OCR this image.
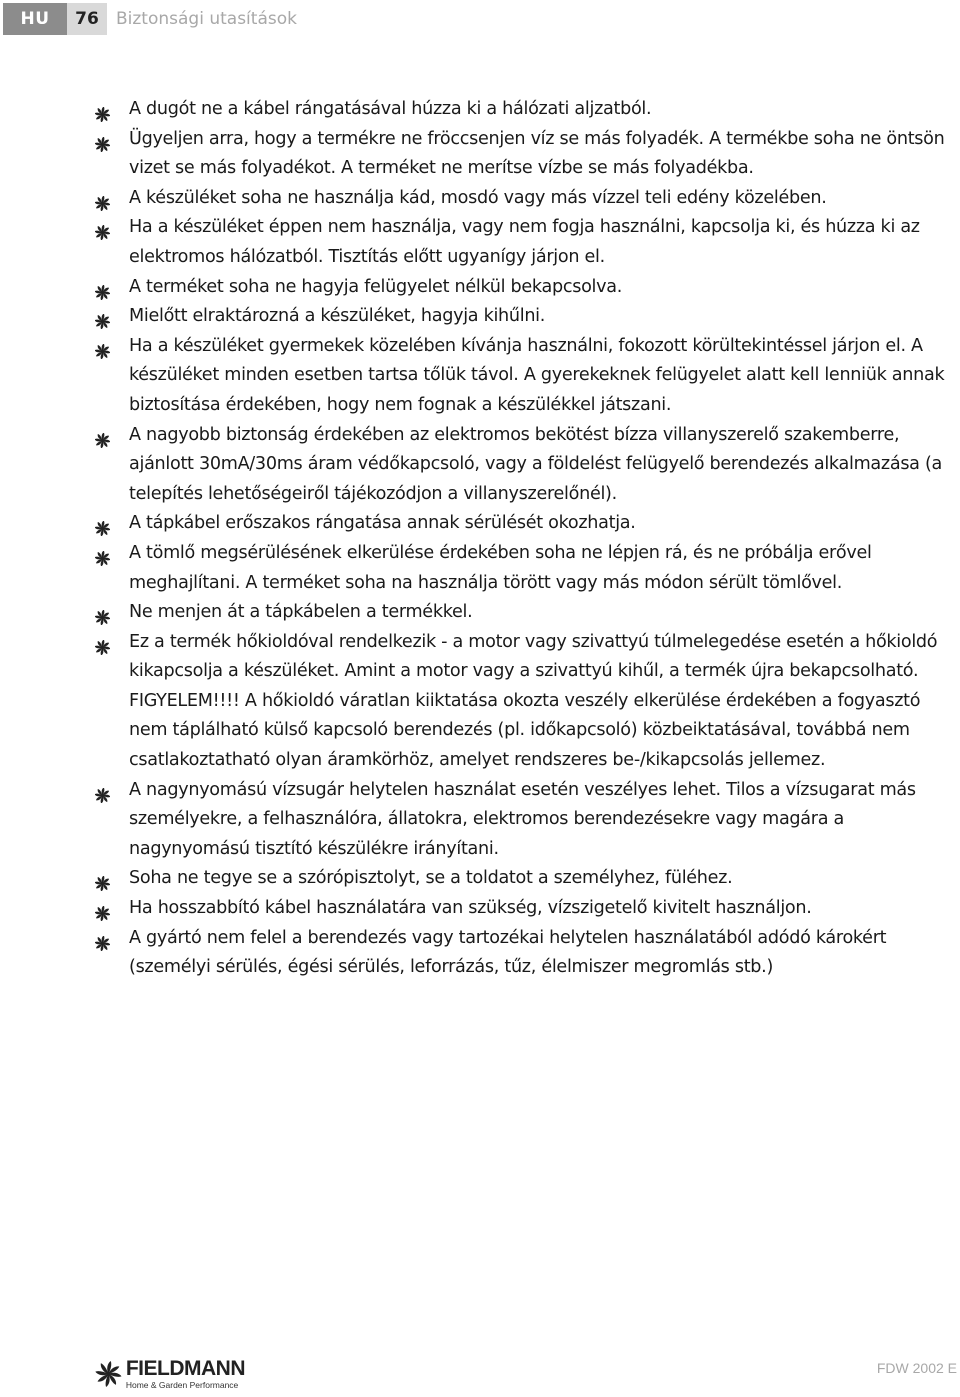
HU	76	Biztonsági utasítások
A dugót ne a kábel rángatásával húzza ki a hálózati aljzatból.
Ügyeljen arra, hogy a termékre ne fröccsenjen víz se más folyadék. A termékbe soha ne öntsön vizet se más folyadékot. A terméket ne merítse vízbe se más folyadékba.
A készüléket soha ne használja kád, mosdó vagy más vízzel teli edény közelében.
Ha a készüléket éppen nem használja, vagy nem fogja használni, kapcsolja ki, és húzza ki az elektromos hálózatból. Tisztítás előtt ugyanígy járjon el.
A terméket soha ne hagyja felügyelet nélkül bekapcsolva.
Mielőtt elraktározná a készüléket, hagyja kihűlni.
Ha a készüléket gyermekek közelében kívánja használni, fokozott körültekintéssel járjon el. A készüléket minden esetben tartsa tőlük távol. A gyerekeknek felügyelet alatt kell lenniük annak biztosítása érdekében, hogy nem fognak a készülékkel játszani.
A nagyobb biztonság érdekében az elektromos bekötést bízza villanyszerelő szakemberre, ajánlott 30mA/30ms áram védőkapcsoló, vagy a földelést felügyelő berendezés alkalmazása (a telepítés lehetőségeiről tájékozódjon a villanyszerelőnél).
A tápkábel erőszakos rángatása annak sérülését okozhatja.
A tömlő megsérülésének elkerülése érdekében soha ne lépjen rá, és ne próbálja erővel meghajlítani. A terméket soha na használja törött vagy más módon sérült tömlővel.
Ne menjen át a tápkábelen a termékkel.
Ez a termék hőkioldóval rendelkezik - a motor vagy szivattyú túlmelegedése esetén a hőkioldó kikapcsolja a készüléket. Amint a motor vagy a szivattyú kihűl, a termék újra bekapcsolható. FIGYELEM!!!! A hőkioldó váratlan kiiktatása okozta veszély elkerülése érdekében a fogyasztó nem táplálható külső kapcsoló berendezés (pl. időkapcsoló) közbeiktatásával, továbbá nem csatlakoztatható olyan áramkörhöz, amelyet rendszeres be-/kikapcsolás jellemez.
A nagynyomású vízsugár helytelen használat esetén veszélyes lehet. Tilos a vízsugarat más személyekre, a felhasználóra, állatokra, elektromos berendezésekre vagy magára a nagynyomású tisztító készülékre irányítani.
Soha ne tegye se a szórópisztolyt, se a toldatot a személyhez, füléhez.
Ha hosszabbító kábel használatára van szükség, vízszigetelő kivitelt használjon.
A gyártó nem felel a berendezés vagy tartozékai helytelen használatából adódó károkért (személyi sérülés, égési sérülés, leforrázás, tűz, élelmiszer megromlás stb.)
FIELDMANN
Home & Garden Performance
FDW 2002 E
